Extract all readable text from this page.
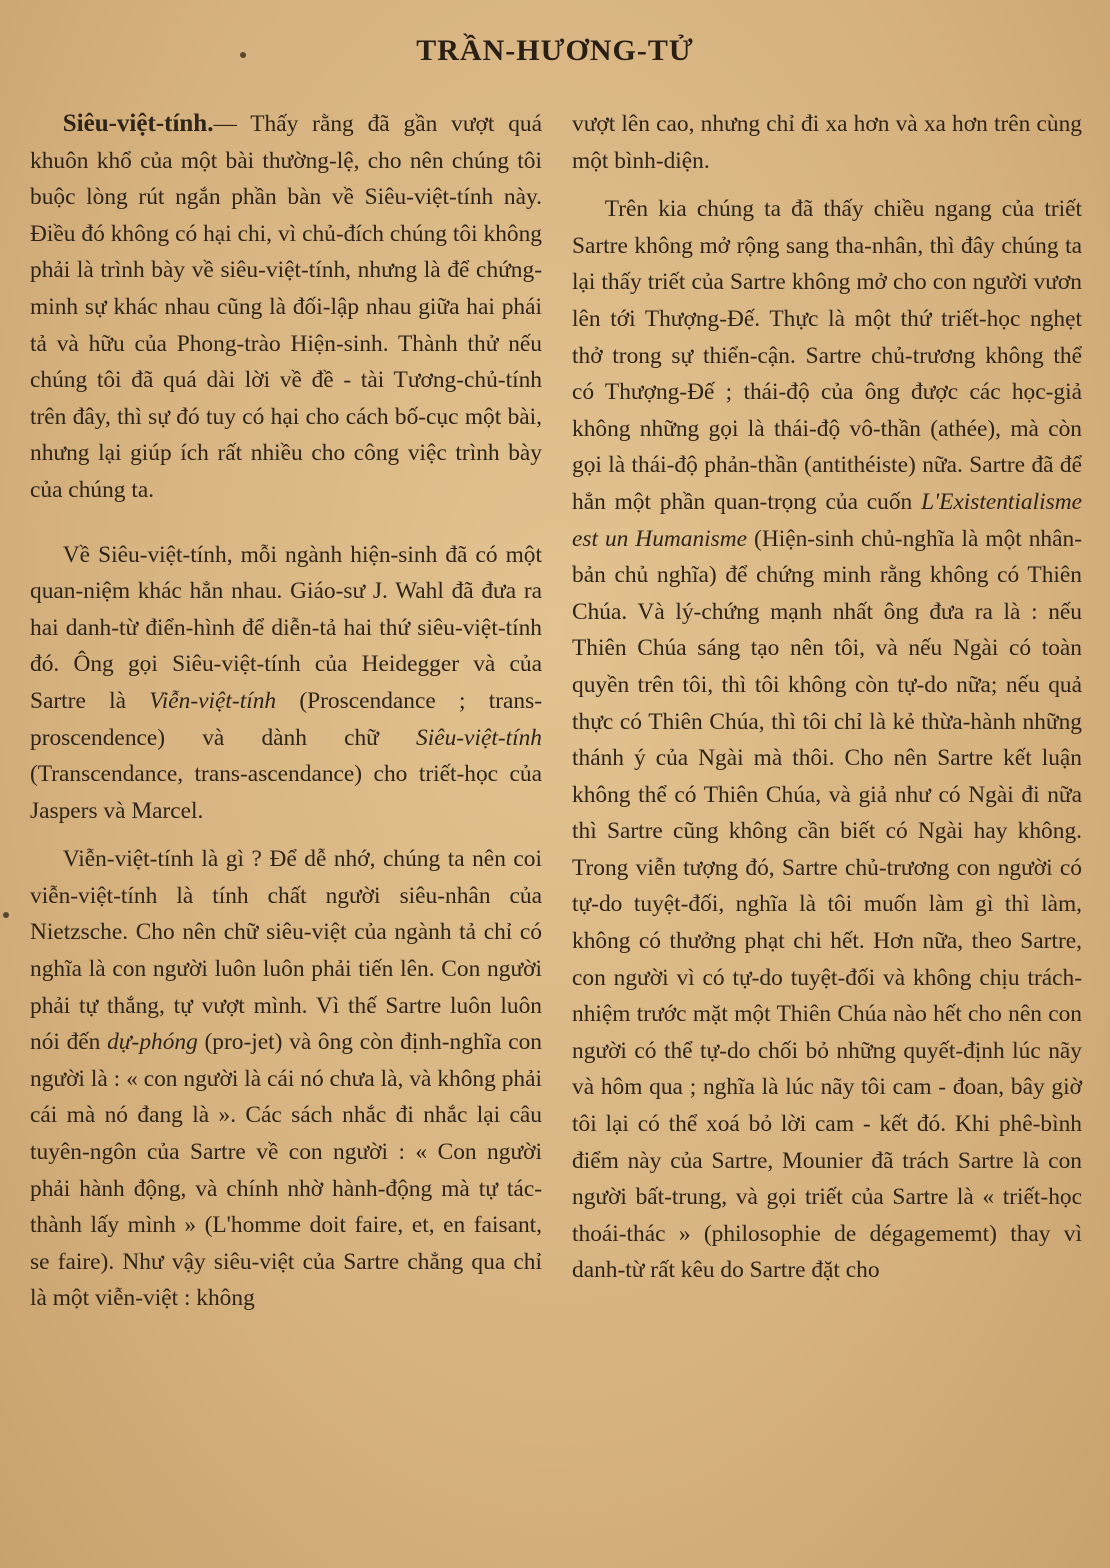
TRẦN-HƯƠNG-TỬ

Siêu-việt-tính.— Thấy rằng đã gần vượt quá khuôn khổ của một bài thường-lệ, cho nên chúng tôi buộc lòng rút ngắn phần bàn về Siêu-việt-tính này. Điều đó không có hại chi, vì chủ-đích chúng tôi không phải là trình bày về siêu-việt-tính, nhưng là để chứng-minh sự khác nhau cũng là đối-lập nhau giữa hai phái tả và hữu của Phong-trào Hiện-sinh. Thành thử nếu chúng tôi đã quá dài lời về đề - tài Tương-chủ-tính trên đây, thì sự đó tuy có hại cho cách bố-cục một bài, nhưng lại giúp ích rất nhiều cho công việc trình bày của chúng ta.

Về Siêu-việt-tính, mỗi ngành hiện-sinh đã có một quan-niệm khác hẳn nhau. Giáo-sư J. Wahl đã đưa ra hai danh-từ điển-hình để diễn-tả hai thứ siêu-việt-tính đó. Ông gọi Siêu-việt-tính của Heidegger và của Sartre là Viễn-việt-tính (Proscendance ; trans-proscendence) và dành chữ Siêu-việt-tính (Transcendance, trans-ascendance) cho triết-học của Jaspers và Marcel.

Viễn-việt-tính là gì ? Để dễ nhớ, chúng ta nên coi viễn-việt-tính là tính chất người siêu-nhân của Nietzsche. Cho nên chữ siêu-việt của ngành tả chỉ có nghĩa là con người luôn luôn phải tiến lên. Con người phải tự thắng, tự vượt mình. Vì thế Sartre luôn luôn nói đến dự-phóng (pro-jet) và ông còn định-nghĩa con người là : « con người là cái nó chưa là, và không phải cái mà nó đang là ». Các sách nhắc đi nhắc lại câu tuyên-ngôn của Sartre về con người : « Con người phải hành động, và chính nhờ hành-động mà tự tác-thành lấy mình » (L'homme doit faire, et, en faisant, se faire). Như vậy siêu-việt của Sartre chẳng qua chỉ là một viễn-việt : không

vượt lên cao, nhưng chỉ đi xa hơn và xa hơn trên cùng một bình-diện.

Trên kia chúng ta đã thấy chiều ngang của triết Sartre không mở rộng sang tha-nhân, thì đây chúng ta lại thấy triết của Sartre không mở cho con người vươn lên tới Thượng-Đế. Thực là một thứ triết-học nghẹt thở trong sự thiển-cận. Sartre chủ-trương không thể có Thượng-Đế ; thái-độ của ông được các học-giả không những gọi là thái-độ vô-thần (athée), mà còn gọi là thái-độ phản-thần (antithéiste) nữa. Sartre đã để hẳn một phần quan-trọng của cuốn L'Existentialisme est un Humanisme (Hiện-sinh chủ-nghĩa là một nhân-bản chủ nghĩa) để chứng minh rằng không có Thiên Chúa. Và lý-chứng mạnh nhất ông đưa ra là : nếu Thiên Chúa sáng tạo nên tôi, và nếu Ngài có toàn quyền trên tôi, thì tôi không còn tự-do nữa; nếu quả thực có Thiên Chúa, thì tôi chỉ là kẻ thừa-hành những thánh ý của Ngài mà thôi. Cho nên Sartre kết luận không thể có Thiên Chúa, và giả như có Ngài đi nữa thì Sartre cũng không cần biết có Ngài hay không. Trong viễn tượng đó, Sartre chủ-trương con người có tự-do tuyệt-đối, nghĩa là tôi muốn làm gì thì làm, không có thưởng phạt chi hết. Hơn nữa, theo Sartre, con người vì có tự-do tuyệt-đối và không chịu trách-nhiệm trước mặt một Thiên Chúa nào hết cho nên con người có thể tự-do chối bỏ những quyết-định lúc nãy và hôm qua ; nghĩa là lúc nãy tôi cam - đoan, bây giờ tôi lại có thể xoá bỏ lời cam - kết đó. Khi phê-bình điểm này của Sartre, Mounier đã trách Sartre là con người bất-trung, và gọi triết của Sartre là « triết-học thoái-thác » (philosophie de dégagememt) thay vì danh-từ rất kêu do Sartre đặt cho
